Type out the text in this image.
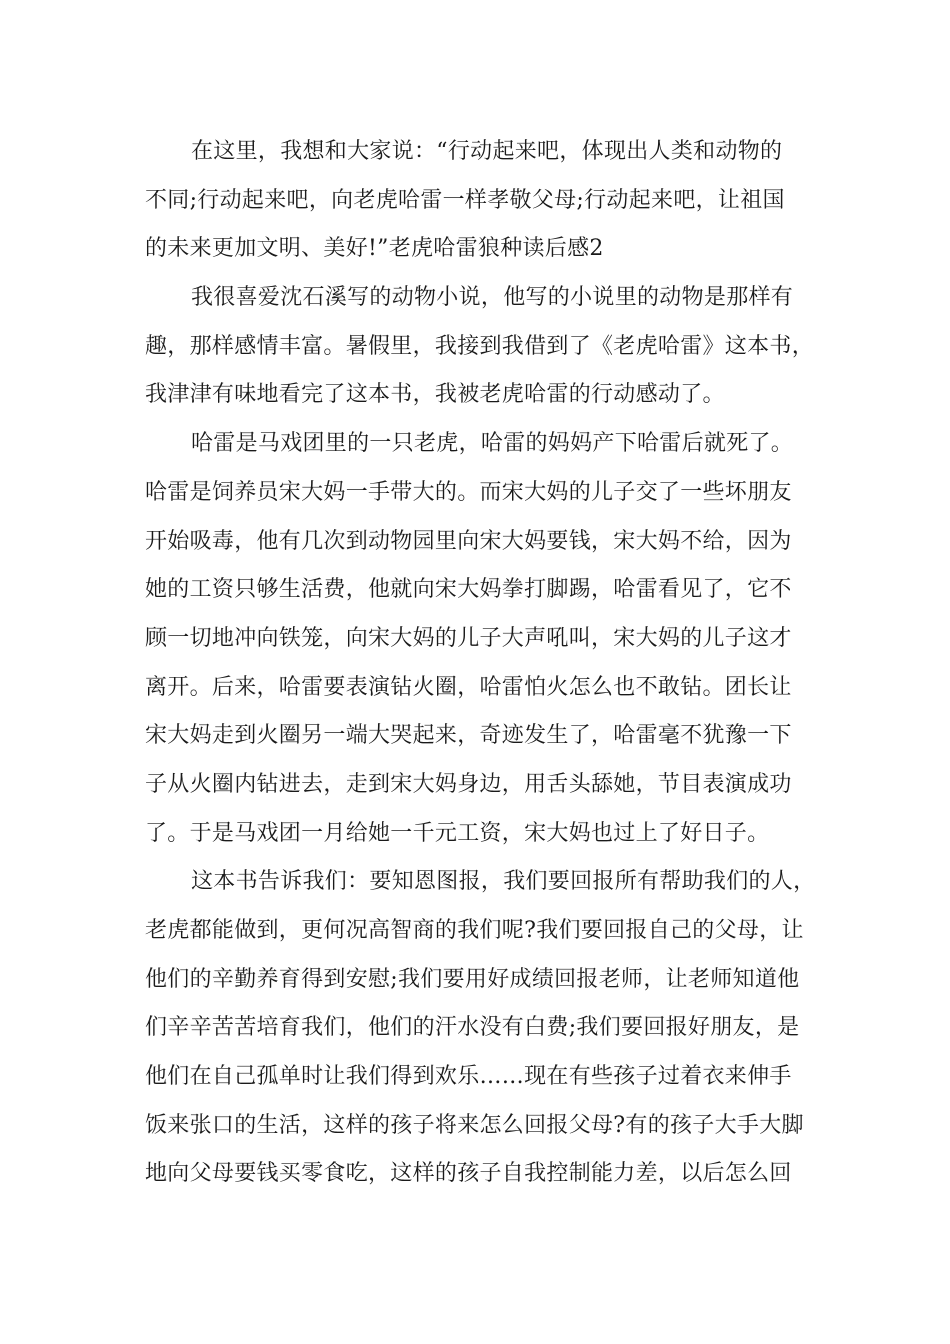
在这里，我想和大家说：“行动起来吧，体现出人类和动物的
不同;行动起来吧，向老虎哈雷一样孝敬父母;行动起来吧，让祖国
的未来更加文明、美好!”老虎哈雷狼种读后感2
我很喜爱沈石溪写的动物小说，他写的小说里的动物是那样有
趣，那样感情丰富。暑假里，我接到我借到了《老虎哈雷》这本书，
我津津有味地看完了这本书，我被老虎哈雷的行动感动了。
哈雷是马戏团里的一只老虎，哈雷的妈妈产下哈雷后就死了。
哈雷是饲养员宋大妈一手带大的。而宋大妈的儿子交了一些坏朋友
开始吸毒，他有几次到动物园里向宋大妈要钱，宋大妈不给，因为
她的工资只够生活费，他就向宋大妈拳打脚踢，哈雷看见了，它不
顾一切地冲向铁笼，向宋大妈的儿子大声吼叫，宋大妈的儿子这才
离开。后来，哈雷要表演钻火圈，哈雷怕火怎么也不敢钻。团长让
宋大妈走到火圈另一端大哭起来，奇迹发生了，哈雷毫不犹豫一下
子从火圈内钻进去，走到宋大妈身边，用舌头舔她，节目表演成功
了。于是马戏团一月给她一千元工资，宋大妈也过上了好日子。
这本书告诉我们：要知恩图报，我们要回报所有帮助我们的人，
老虎都能做到，更何况高智商的我们呢?我们要回报自己的父母，让
他们的辛勤养育得到安慰;我们要用好成绩回报老师，让老师知道他
们辛辛苦苦培育我们，他们的汗水没有白费;我们要回报好朋友，是
他们在自己孤单时让我们得到欢乐……现在有些孩子过着衣来伸手
饭来张口的生活，这样的孩子将来怎么回报父母?有的孩子大手大脚
地向父母要钱买零食吃，这样的孩子自我控制能力差，以后怎么回
